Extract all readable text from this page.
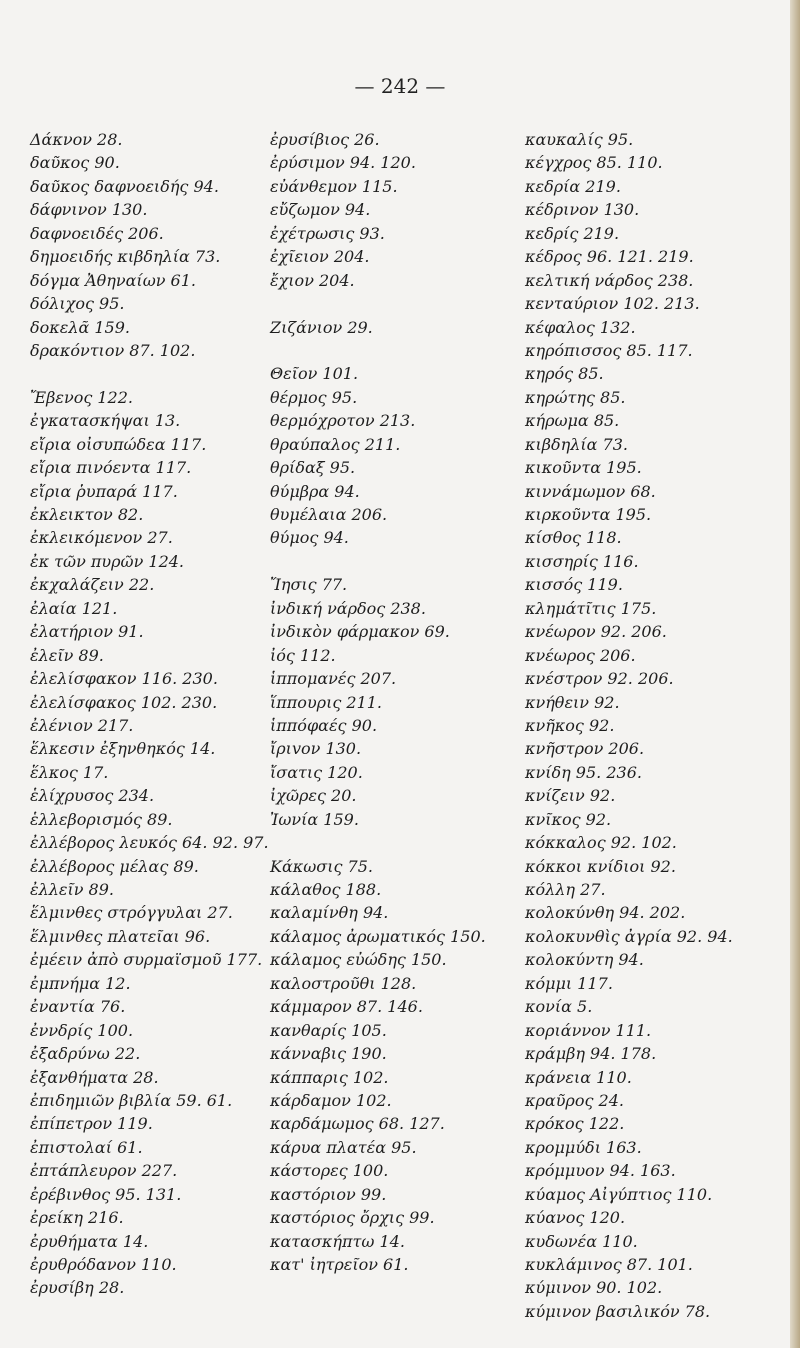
— 242 —
Δάκνον 28.
δαῦκος 90.
δαῦκος δαφνοειδής 94.
δάφνινον 130.
δαφνοειδές 206.
δημοειδής κιβδηλία 73.
δόγμα Ἀθηναίων 61.
δόλιχος 95.
δοκελᾶ 159.
δρακόντιον 87. 102.
Ἔβενος 122.
ἐγκατασκήψαι 13.
εἴρια οἰσυπώδεα 117.
εἴρια πινόεντα 117.
εἴρια ῥυπαρά 117.
ἐκλεικτον 82.
ἐκλεικόμενον 27.
ἐκ τῶν πυρῶν 124.
ἐκχαλάζειν 22.
ἐλαία 121.
ἐλατήριον 91.
ἐλεῖν 89.
ἐλελίσφακον 116. 230.
ἐλελίσφακος 102. 230.
ἐλένιον 217.
ἕλκεσιν ἐξηνθηκός 14.
ἕλκος 17.
ἑλίχρυσος 234.
ἑλλεβορισμός 89.
ἐλλέβορος λευκός 64. 92. 97.
ἐλλέβορος μέλας 89.
ἐλλεῖν 89.
ἕλμινθες στρόγγυλαι 27.
ἕλμινθες πλατεῖαι 96.
ἐμέειν ἀπὸ συρμαϊσμοῦ 177.
ἐμπνήμα 12.
ἐναντία 76.
ἐννδρίς 100.
ἐξαδρύνω 22.
ἐξανθήματα 28.
ἐπιδημιῶν βιβλία 59. 61.
ἐπίπετρον 119.
ἐπιστολαί 61.
ἐπτάπλευρον 227.
ἐρέβινθος 95. 131.
ἐρείκη 216.
ἐρυθήματα 14.
ἐρυθρόδανον 110.
ἐρυσίβη 28.
ἐρυσίβιος 26.
ἐρύσιμον 94. 120.
εὐάνθεμον 115.
εὔζωμον 94.
ἐχέτρωσις 93.
ἐχῖειον 204.
ἔχιον 204.
Ζιζάνιον 29.
Θεῖον 101.
θέρμος 95.
θερμόχροτον 213.
θραύπαλος 211.
θρίδαξ 95.
θύμβρα 94.
θυμέλαια 206.
θύμος 94.
Ἴησις 77.
ἰνδική νάρδος 238.
ἰνδικὸν φάρμακον 69.
ἰός 112.
ἱππομανές 207.
ἵππουρις 211.
ἱππόφαές 90.
ἴριvον 130.
ἴσατις 120.
ἰχῶρες 20.
Ἰωνία 159.
Κάκωσις 75.
κάλαθος 188.
καλαμίνθη 94.
κάλαμος ἀρωματικός 150.
κάλαμος εὐώδης 150.
καλοστροῦθι 128.
κάμμαρον 87. 146.
κανθαρίς 105.
κάνναβις 190.
κάππαρις 102.
κάρδαμον 102.
καρδάμωμος 68. 127.
κάρυα πλατέα 95.
κάστορες 100.
καστόριον 99.
καστόριος ὄρχις 99.
κατασκήπτω 14.
κατ' ἰητρεῖον 61.
καυκαλίς 95.
κέγχρος 85. 110.
κεδρία 219.
κέδρινον 130.
κεδρίς 219.
κέδρος 96. 121. 219.
κελτική νάρδος 238.
κενταύριον 102. 213.
κέφαλος 132.
κηρόπισσος 85. 117.
κηρός 85.
κηρώτης 85.
κήρωμα 85.
κιβδηλία 73.
κικοῦντα 195.
κιννάμωμον 68.
κιρκοῦντα 195.
κίσθος 118.
κισσηρίς 116.
κισσός 119.
κλημάτῖτις 175.
κνέωρον 92. 206.
κνέωρος 206.
κνέστρον 92. 206.
κνήθειν 92.
κνῆκος 92.
κνῆστρον 206.
κνίδη 95. 236.
κνίζειν 92.
κνῖκος 92.
κόκκαλος 92. 102.
κόκκοι κνίδιοι 92.
κόλλη 27.
κολοκύνθη 94. 202.
κολοκυνθὶς ἀγρία 92. 94.
κολοκύντη 94.
κόμμι 117.
κονία 5.
κοριάννον 111.
κράμβη 94. 178.
κράνεια 110.
κραῦρος 24.
κρόκος 122.
κρομμύδι 163.
κρόμμυον 94. 163.
κύαμος Αἰγύπτιος 110.
κύανος 120.
κυδωνέα 110.
κυκλάμινος 87. 101.
κύμινον 90. 102.
κύμινον βασιλικόν 78.
